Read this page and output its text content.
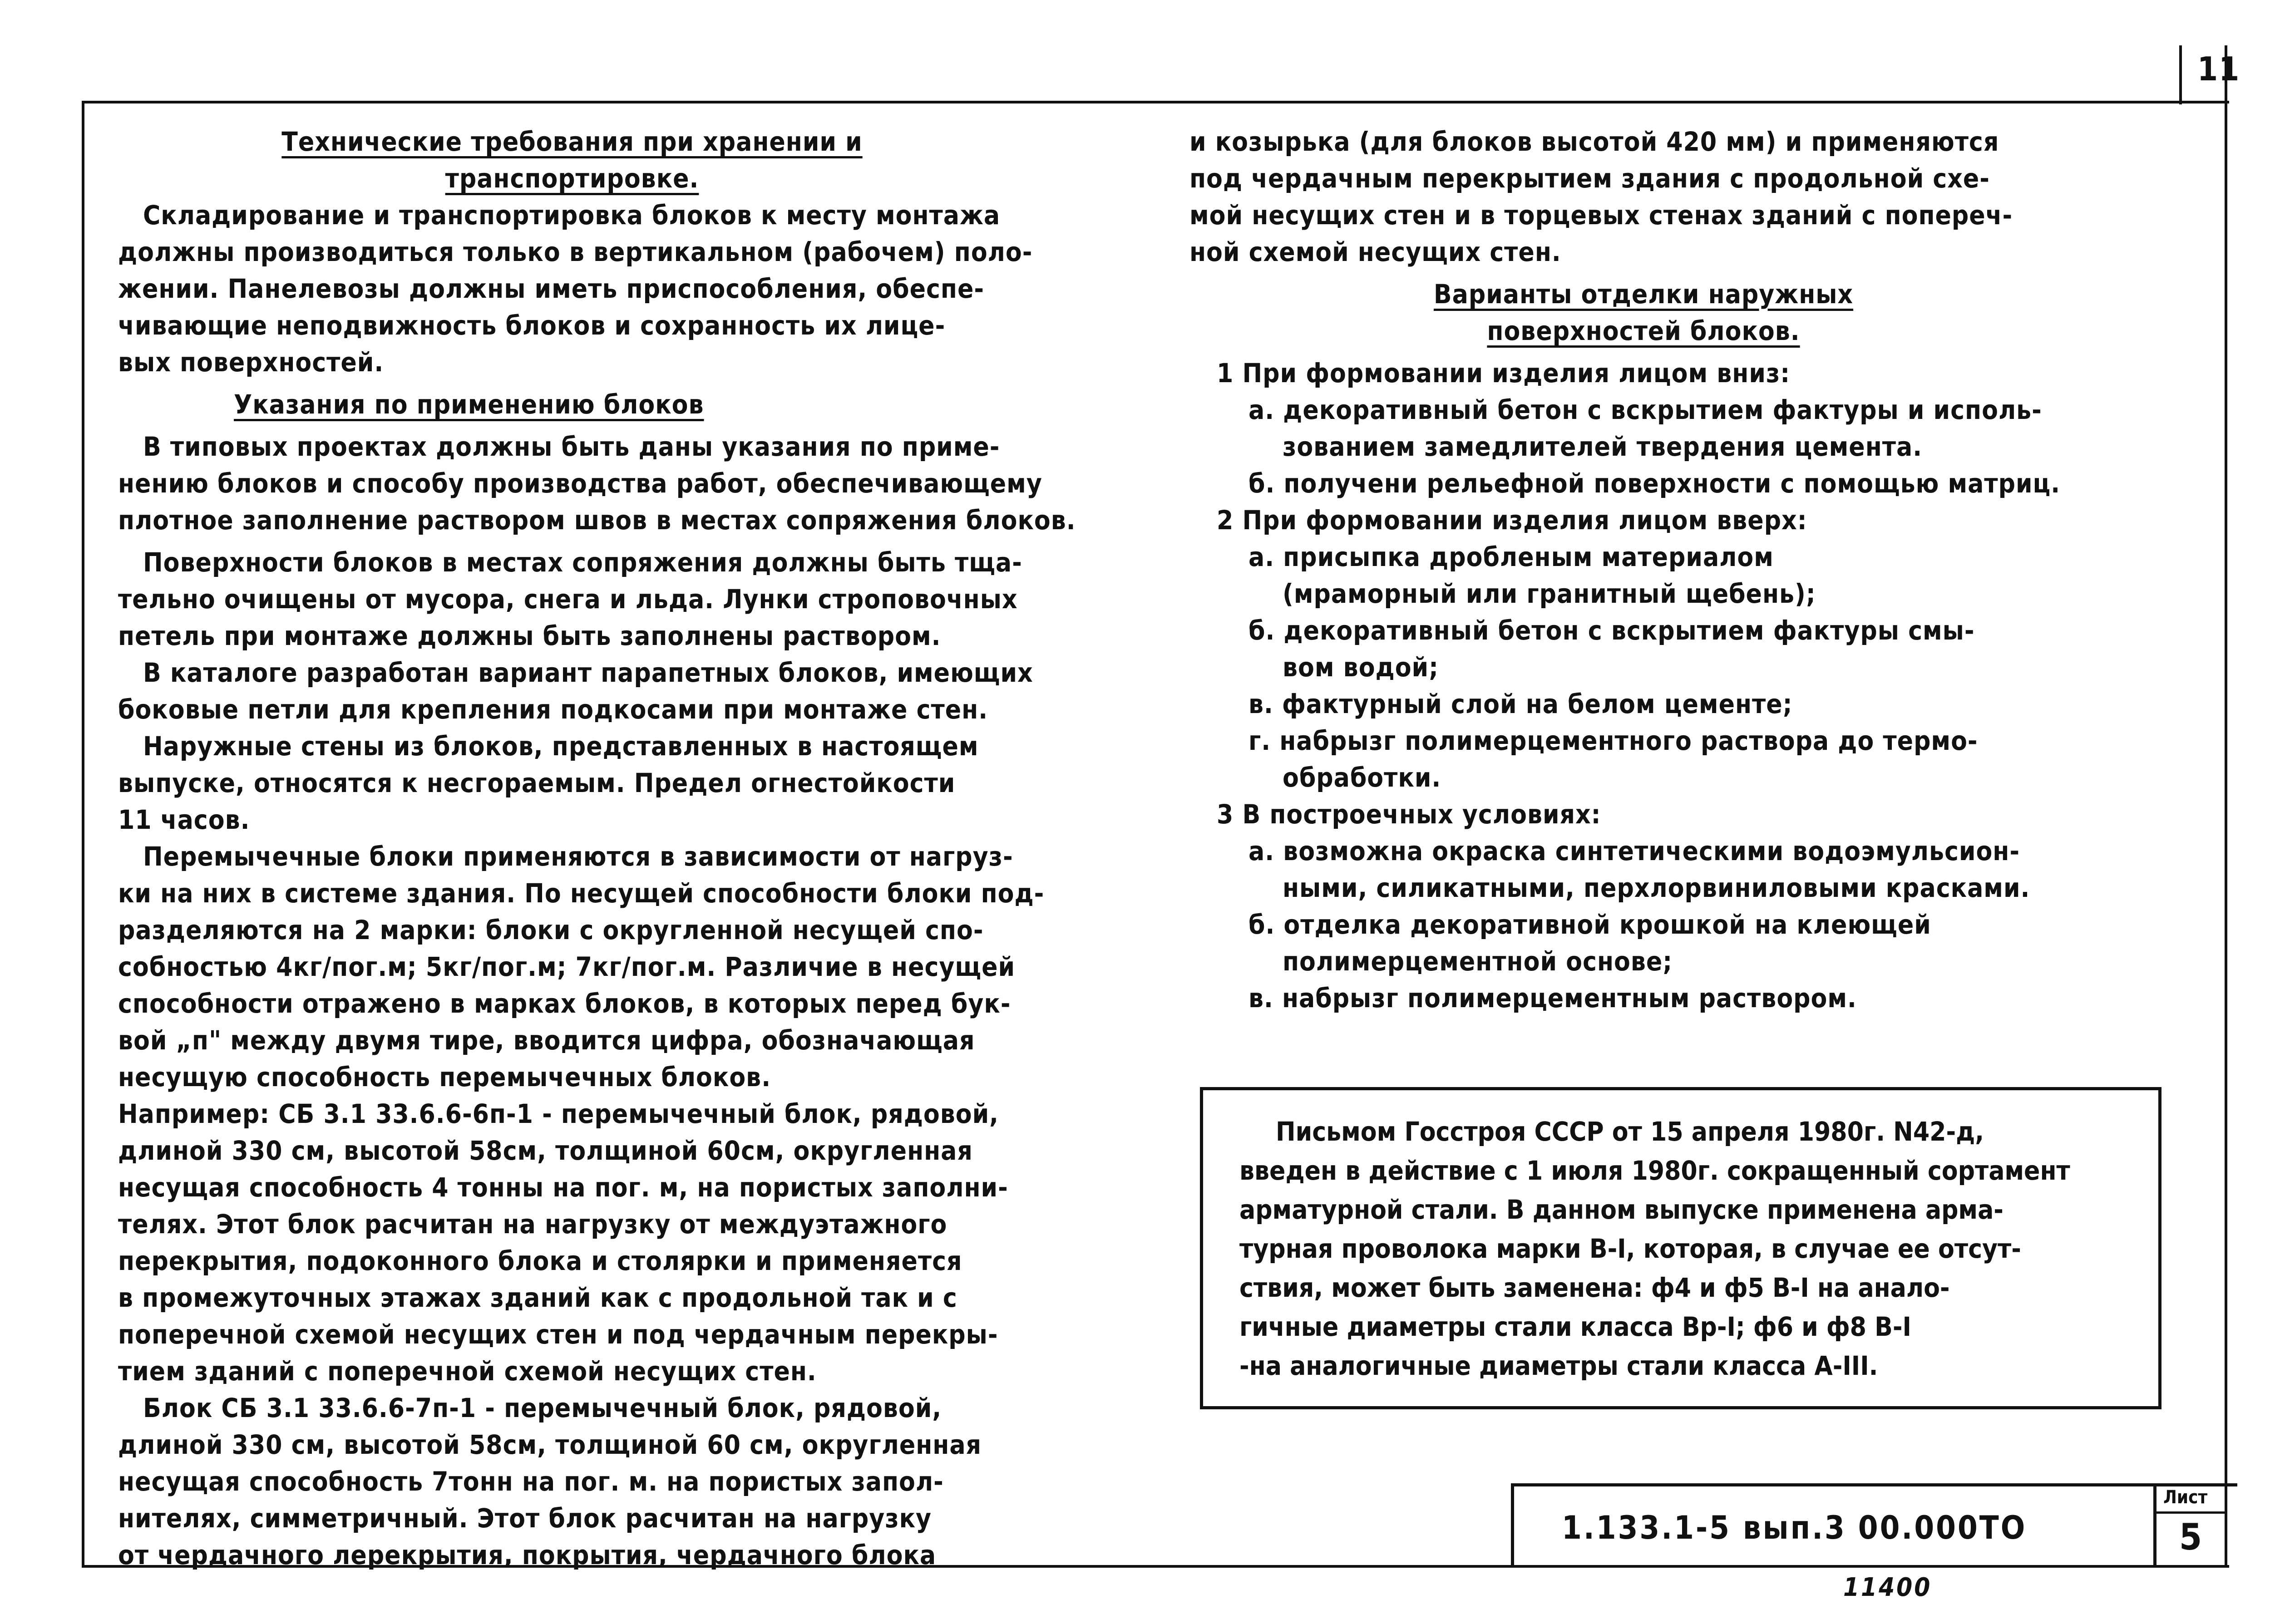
11

Технические требования при хранении и

транспортировке.

Складирование и транспортировка блоков к месту монтажа

должны производиться только в вертикальном (рабочем) поло-

жении. Панелевозы должны иметь приспособления, обеспе-

чивающие неподвижность блоков и сохранность их лице-

вых поверхностей.

Указания по применению блоков

В типовых проектах должны быть даны указания по приме-

нению блоков и способу производства работ, обеспечивающему

плотное заполнение раствором швов в местах сопряжения блоков.

Поверхности блоков в местах сопряжения должны быть тща-

тельно очищены от мусора, снега и льда. Лунки строповочных

петель при монтаже должны быть заполнены раствором.

В каталоге разработан вариант парапетных блоков, имеющих

боковые петли для крепления подкосами при монтаже стен.

Наружные стены из блоков, представленных в настоящем

выпуске, относятся к несгораемым. Предел огнестойкости

11 часов.

Перемычечные блоки применяются в зависимости от нагруз-

ки на них в системе здания. По несущей способности блоки под-

разделяются на 2 марки: блоки с округленной несущей спо-

собностью 4кг/пог.м; 5кг/пог.м; 7кг/пог.м. Различие в несущей

способности отражено в марках блоков, в которых перед бук-

вой „п" между двумя тире, вводится цифра, обозначающая

несущую способность перемычечных блоков.

Например: СБ 3.1 33.6.6-6п-1 - перемычечный блок, рядовой,

длиной 330 см, высотой 58см, толщиной 60см, округленная

несущая способность 4 тонны на пог. м, на пористых заполни-

телях. Этот блок расчитан на нагрузку от междуэтажного

перекрытия, подоконного блока и столярки и применяется

в промежуточных этажах зданий как с продольной так и с

поперечной схемой несущих стен и под чердачным перекры-

тием зданий с поперечной схемой несущих стен.

Блок СБ 3.1 33.6.6-7п-1 - перемычечный блок, рядовой,

длиной 330 см, высотой 58см, толщиной 60 см, округленная

несущая способность 7тонн на пог. м. на пористых запол-

нителях, симметричный. Этот блок расчитан на нагрузку

от чердачного лерекрытия, покрытия, чердачного блока

и козырька (для блоков высотой 420 мм) и применяются

под чердачным перекрытием здания с продольной схе-

мой несущих стен и в торцевых стенах зданий с попереч-

ной схемой несущих стен.

Варианты отделки наружных

поверхностей блоков.

1 При формовании изделия лицом вниз:

а. декоративный бетон с вскрытием фактуры и исполь-

зованием замедлителей твердения цемента.

б. получени рельефной поверхности с помощью матриц.

2 При формовании изделия лицом вверх:

а. присыпка дробленым материалом

(мраморный или гранитный щебень);

б. декоративный бетон с вскрытием фактуры смы-

вом водой;

в. фактурный слой на белом цементе;

г. набрызг полимерцементного раствора до термо-

обработки.

3 В построечных условиях:

а. возможна окраска синтетическими водоэмульсион-

ными, силикатными, перхлорвиниловыми красками.

б. отделка декоративной крошкой на клеющей

полимерцементной основе;

в. набрызг полимерцементным раствором.

Письмом Госстроя СССР от 15 апреля 1980г. N42-д,

введен в действие с 1 июля 1980г. сокращенный сортамент

арматурной стали. В данном выпуске применена арма-

турная проволока марки В-I, которая, в случае ее отсут-

ствия, может быть заменена: ф4 и ф5 В-I на анало-

гичные диаметры стали класса Вр-I; ф6 и ф8 В-I

-на аналогичные диаметры стали класса А-III.

1.133.1-5 вып.3 00.000ТО
Лист
5
11400
